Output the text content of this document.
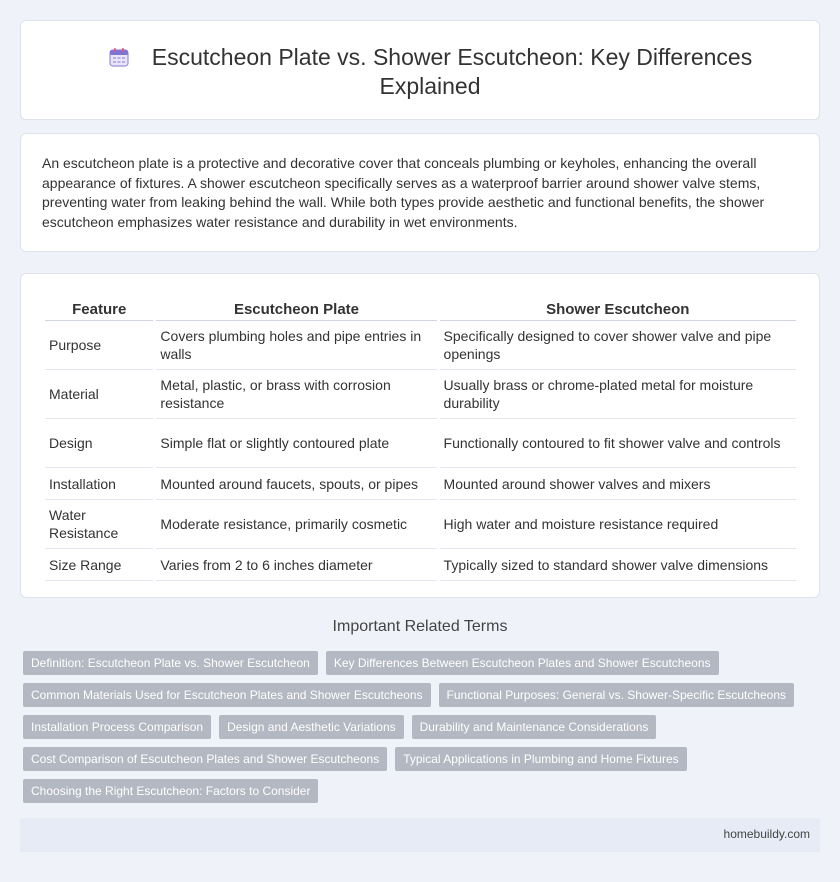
Escutcheon Plate vs. Shower Escutcheon: Key Differences Explained

An escutcheon plate is a protective and decorative cover that conceals plumbing or keyholes, enhancing the overall appearance of fixtures. A shower escutcheon specifically serves as a waterproof barrier around shower valve stems, preventing water from leaking behind the wall. While both types provide aesthetic and functional benefits, the shower escutcheon emphasizes water resistance and durability in wet environments.

Feature	Escutcheon Plate	Shower Escutcheon
Purpose	Covers plumbing holes and pipe entries in walls	Specifically designed to cover shower valve and pipe openings
Material	Metal, plastic, or brass with corrosion resistance	Usually brass or chrome-plated metal for moisture durability
Design	Simple flat or slightly contoured plate	Functionally contoured to fit shower valve and controls
Installation	Mounted around faucets, spouts, or pipes	Mounted around shower valves and mixers
Water Resistance	Moderate resistance, primarily cosmetic	High water and moisture resistance required
Size Range	Varies from 2 to 6 inches diameter	Typically sized to standard shower valve dimensions
Important Related Terms
Definition: Escutcheon Plate vs. Shower Escutcheon	Key Differences Between Escutcheon Plates and Shower Escutcheons
Common Materials Used for Escutcheon Plates and Shower Escutcheons	Functional Purposes: General vs. Shower-Specific Escutcheons
Installation Process Comparison	Design and Aesthetic Variations	Durability and Maintenance Considerations
Cost Comparison of Escutcheon Plates and Shower Escutcheons	Typical Applications in Plumbing and Home Fixtures
Choosing the Right Escutcheon: Factors to Consider
homebuildy.com
